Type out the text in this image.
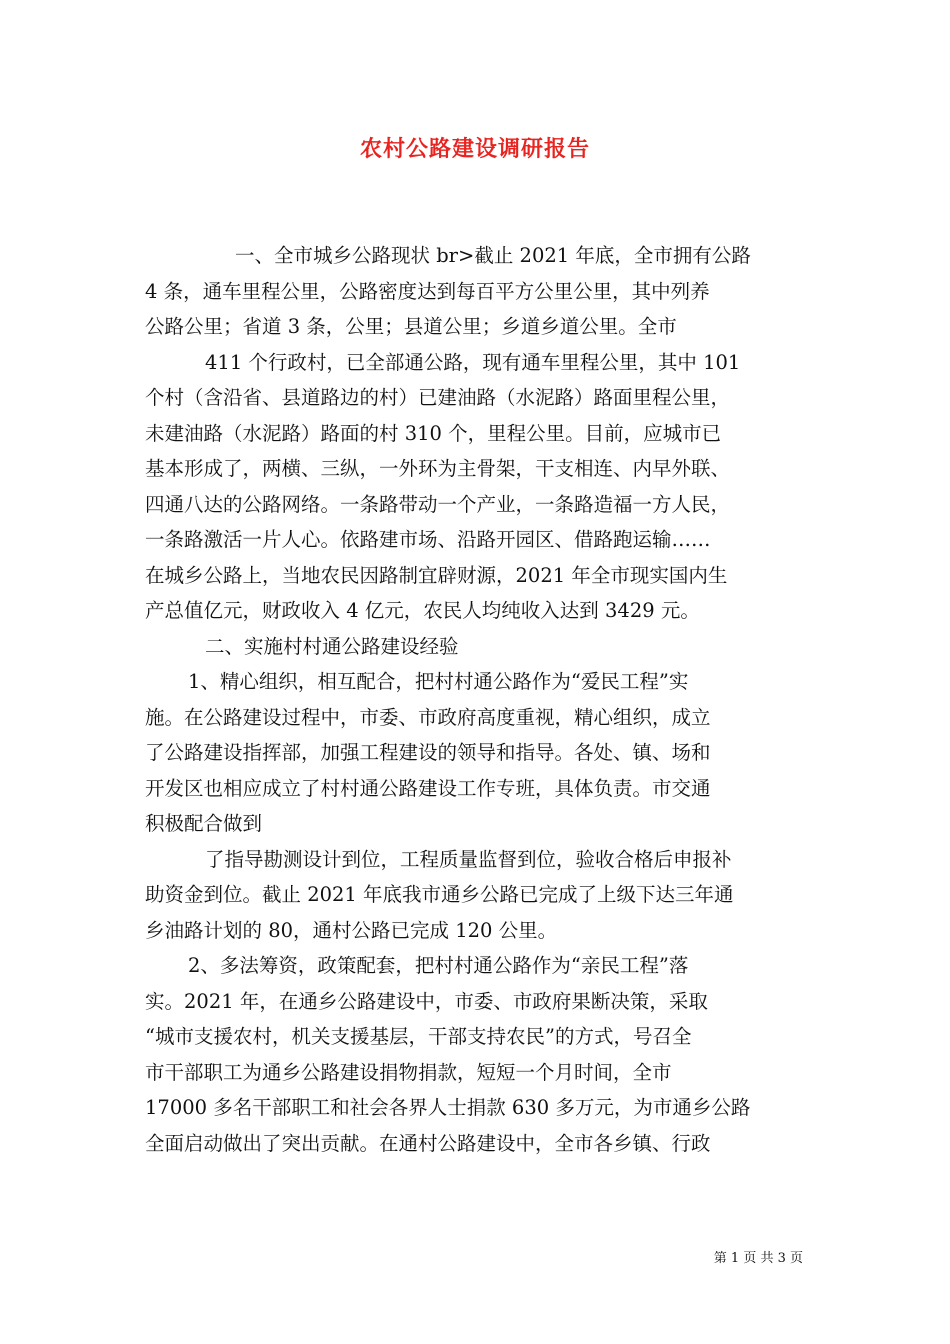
农村公路建设调研报告
一、全市城乡公路现状 br>截止 2021 年底，全市拥有公路
4 条，通车里程公里，公路密度达到每百平方公里公里，其中列养
公路公里；省道 3 条，公里；县道公里；乡道乡道公里。全市
411 个行政村，已全部通公路，现有通车里程公里，其中 101
个村（含沿省、县道路边的村）已建油路（水泥路）路面里程公里，
未建油路（水泥路）路面的村 310 个，里程公里。目前，应城市已
基本形成了，两横、三纵，一外环为主骨架，干支相连、内早外联、
四通八达的公路网络。一条路带动一个产业，一条路造福一方人民，
一条路激活一片人心。依路建市场、沿路开园区、借路跑运输……
在城乡公路上，当地农民因路制宜辟财源，2021 年全市现实国内生
产总值亿元，财政收入 4 亿元，农民人均纯收入达到 3429 元。
二、实施村村通公路建设经验
1、精心组织，相互配合，把村村通公路作为“爱民工程”实
施。在公路建设过程中，市委、市政府高度重视，精心组织，成立
了公路建设指挥部，加强工程建设的领导和指导。各处、镇、场和
开发区也相应成立了村村通公路建设工作专班，具体负责。市交通
积极配合做到
了指导勘测设计到位，工程质量监督到位，验收合格后申报补
助资金到位。截止 2021 年底我市通乡公路已完成了上级下达三年通
乡油路计划的 80，通村公路已完成 120 公里。
2、多法筹资，政策配套，把村村通公路作为“亲民工程”落
实。2021 年，在通乡公路建设中，市委、市政府果断决策，采取
“城市支援农村，机关支援基层，干部支持农民”的方式，号召全
市干部职工为通乡公路建设捐物捐款，短短一个月时间，全市
17000 多名干部职工和社会各界人士捐款 630 多万元，为市通乡公路
全面启动做出了突出贡献。在通村公路建设中，全市各乡镇、行政
第 1 页 共 3 页
